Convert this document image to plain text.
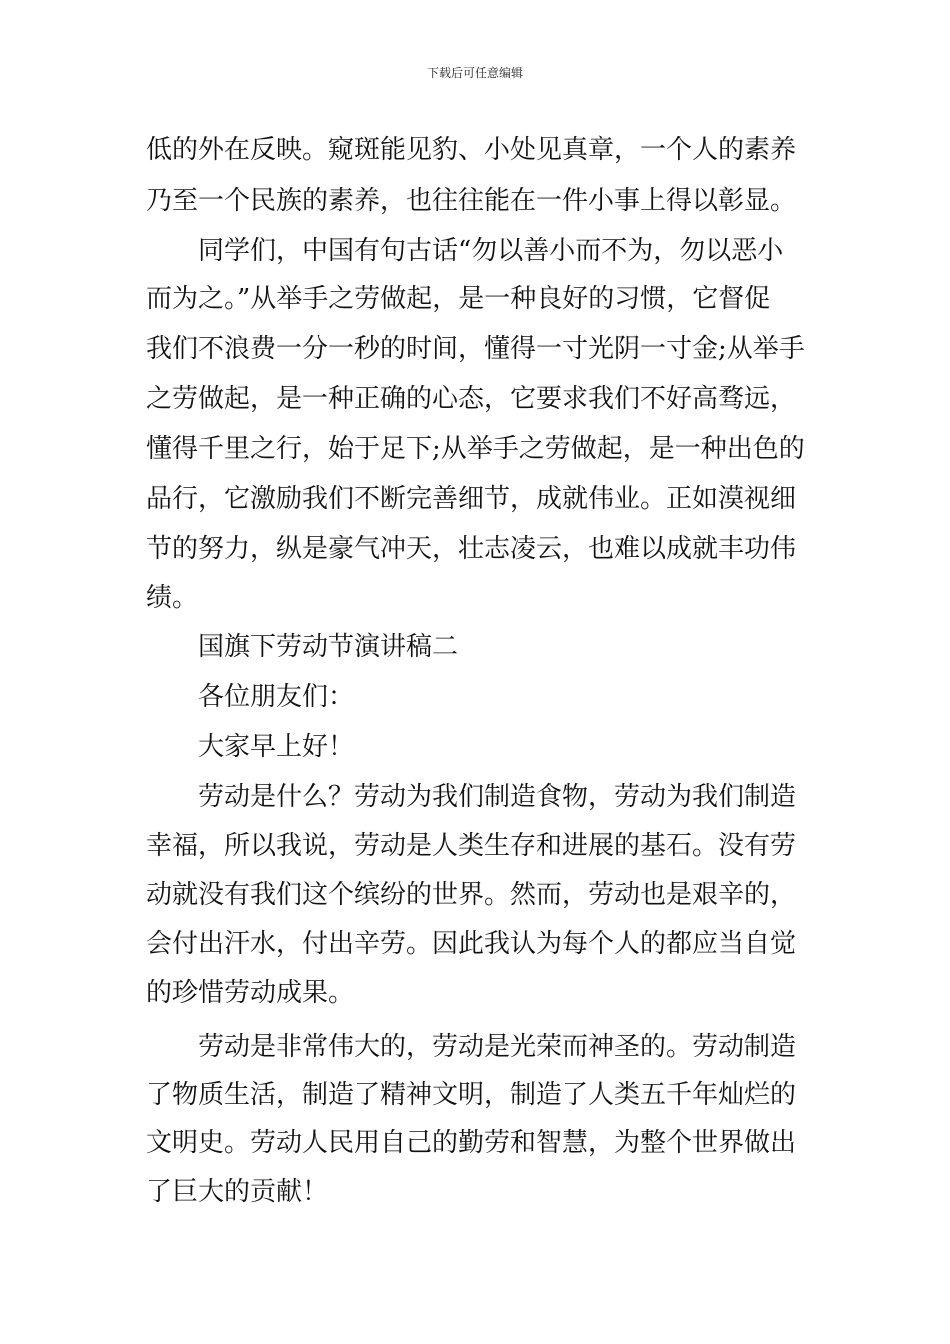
下载后可任意编辑
低的外在反映。窥斑能见豹、小处见真章，一个人的素养
乃至一个民族的素养，也往往能在一件小事上得以彰显。
同学们，中国有句古话“勿以善小而不为，勿以恶小
而为之。”从举手之劳做起，是一种良好的习惯，它督促
我们不浪费一分一秒的时间，懂得一寸光阴一寸金;从举手
之劳做起，是一种正确的心态，它要求我们不好高骛远，
懂得千里之行，始于足下;从举手之劳做起，是一种出色的
品行，它激励我们不断完善细节，成就伟业。正如漠视细
节的努力，纵是豪气冲天，壮志凌云，也难以成就丰功伟
绩。
国旗下劳动节演讲稿二
各位朋友们：
大家早上好！
劳动是什么？劳动为我们制造食物，劳动为我们制造
幸福，所以我说，劳动是人类生存和进展的基石。没有劳
动就没有我们这个缤纷的世界。然而，劳动也是艰辛的，
会付出汗水，付出辛劳。因此我认为每个人的都应当自觉
的珍惜劳动成果。
劳动是非常伟大的，劳动是光荣而神圣的。劳动制造
了物质生活，制造了精神文明，制造了人类五千年灿烂的
文明史。劳动人民用自己的勤劳和智慧，为整个世界做出
了巨大的贡献！
